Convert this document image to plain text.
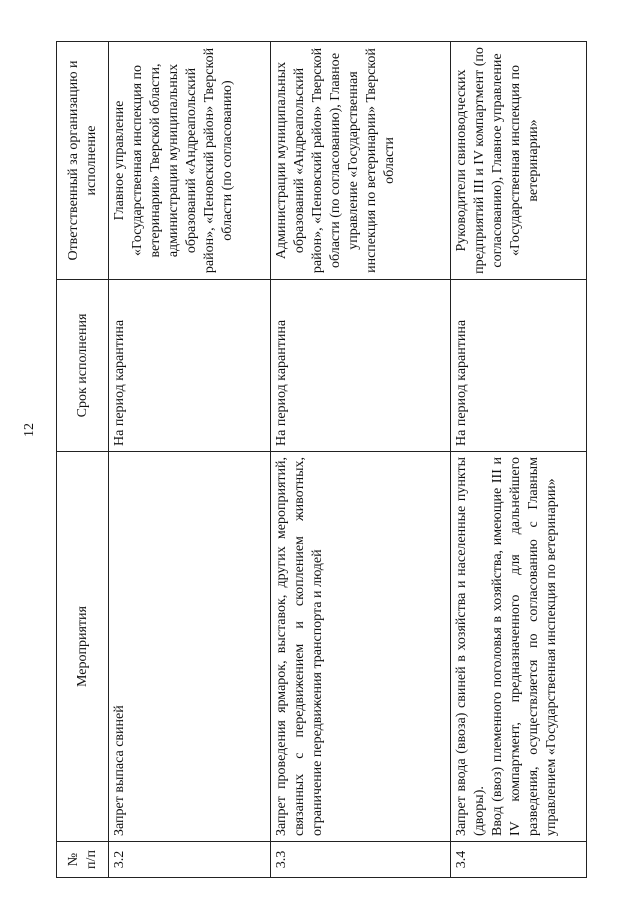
12
№ п/п	Мероприятия	Срок исполнения	Ответственный за организацию и исполнение
3.2	Запрет выпаса свиней	На период карантина	Главное управление «Государственная инспекция по ветеринарии» Тверской области, администрации муниципальных образований «Андреапольский район», «Пеновский район» Тверской области (по согласованию)
3.3	Запрет проведения ярмарок, выставок, других мероприятий, связанных с передвижением и скоплением животных, ограничение передвижения транспорта и людей	На период карантина	Администрации муниципальных образований «Андреапольский район», «Пеновский район» Тверской области (по согласованию), Главное управление «Государственная инспекция по ветеринарии» Тверской области
3.4	Запрет ввода (ввоза) свиней в хозяйства и населенные пункты (дворы). Ввод (ввоз) племенного поголовья в хозяйства, имеющие III и IV компартмент, предназначенного для дальнейшего разведения, осуществляется по согласованию с Главным управлением «Государственная инспекция по ветеринарии»	На период карантина	Руководители свиноводческих предприятий III и IV компартмент (по согласованию), Главное управление «Государственная инспекция по ветеринарии»
